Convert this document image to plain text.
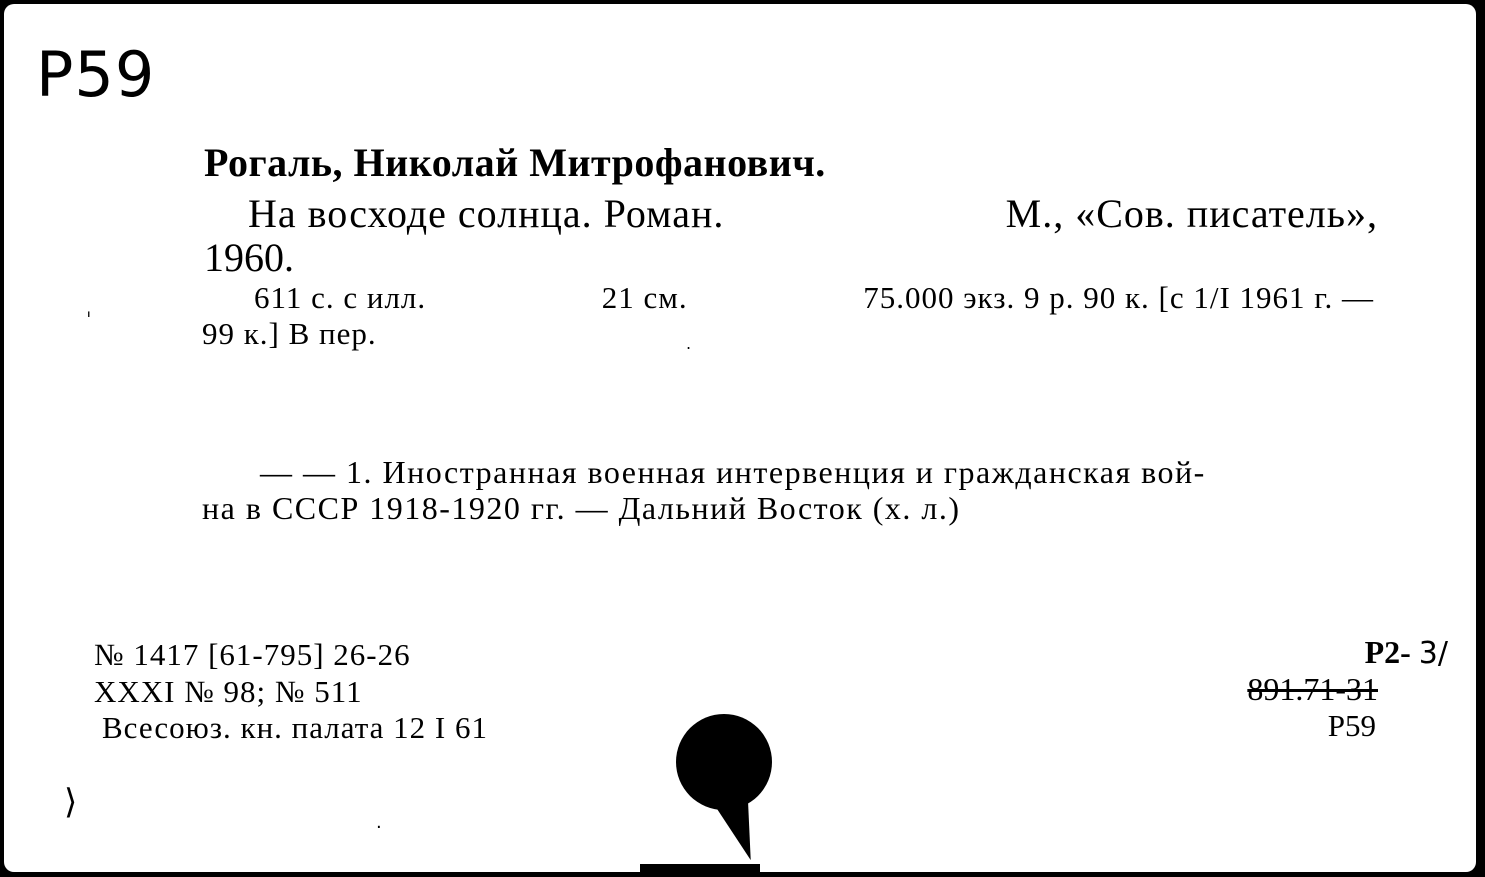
P59
Рогаль, Николай Митрофанович.
На восходе солнца. Роман.	М., «Сов. писатель»,
1960.
611 с. с илл.	21 см.	75.000 экз. 9 р. 90 к. [с 1/I 1961 г. —
99 к.] В пер.
— — 1. Иностранная военная интервенция и гражданская вой-
на в СССР 1918-1920 гг. — Дальний Восток (х. л.)
№ 1417 [61-795] 26-26
XXXI № 98; № 511
Всесоюз. кн. палата 12 I 61
Р2- 3/
891.71-31
Р59
ˈ
.
⟩
.
